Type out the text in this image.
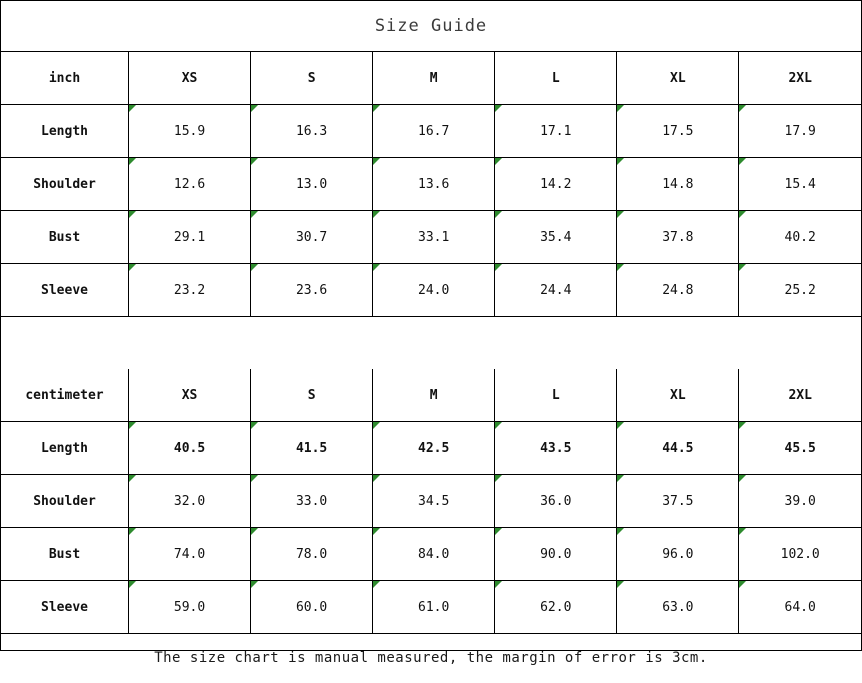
Size Guide
inch	XS	S	M	L	XL	2XL
Length	15.9	16.3	16.7	17.1	17.5	17.9
Shoulder	12.6	13.0	13.6	14.2	14.8	15.4
Bust	29.1	30.7	33.1	35.4	37.8	40.2
Sleeve	23.2	23.6	24.0	24.4	24.8	25.2

centimeter	XS	S	M	L	XL	2XL
Length	40.5	41.5	42.5	43.5	44.5	45.5
Shoulder	32.0	33.0	34.5	36.0	37.5	39.0
Bust	74.0	78.0	84.0	90.0	96.0	102.0
Sleeve	59.0	60.0	61.0	62.0	63.0	64.0
The size chart is manual measured, the margin of error is 3cm.
